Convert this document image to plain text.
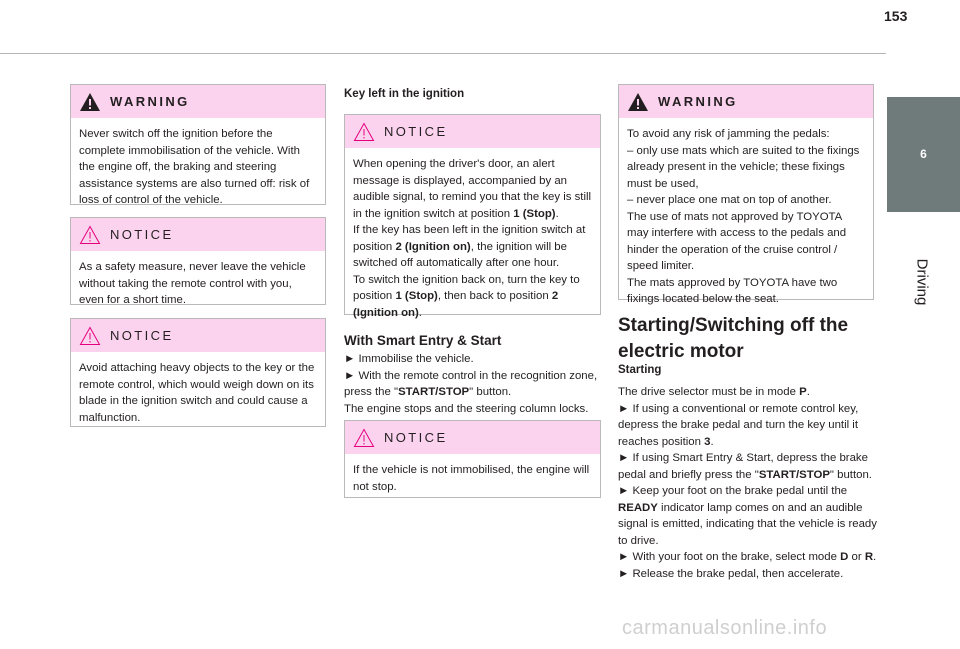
153
6
Driving
WARNING

Never switch off the ignition before the complete immobilisation of the vehicle. With the engine off, the braking and steering assistance systems are also turned off: risk of loss of control of the vehicle.

NOTICE

As a safety measure, never leave the vehicle without taking the remote control with you, even for a short time.

NOTICE

Avoid attaching heavy objects to the key or the remote control, which would weigh down on its blade in the ignition switch and could cause a malfunction.

Key left in the ignition
NOTICE

When opening the driver's door, an alert message is displayed, accompanied by an audible signal, to remind you that the key is still in the ignition switch at position 1 (Stop).

If the key has been left in the ignition switch at position 2 (Ignition on), the ignition will be switched off automatically after one hour.

To switch the ignition back on, turn the key to position 1 (Stop), then back to position 2 (Ignition on).

With Smart Entry & Start

► Immobilise the vehicle.

► With the remote control in the recognition zone, press the "START/STOP" button.

The engine stops and the steering column locks.

NOTICE

If the vehicle is not immobilised, the engine will not stop.

WARNING

To avoid any risk of jamming the pedals:

– only use mats which are suited to the fixings already present in the vehicle; these fixings must be used,

– never place one mat on top of another.

The use of mats not approved by TOYOTA may interfere with access to the pedals and hinder the operation of the cruise control / speed limiter.

The mats approved by TOYOTA have two fixings located below the seat.

Starting/Switching off the electric motor
Starting

The drive selector must be in mode P.

► If using a conventional or remote control key, depress the brake pedal and turn the key until it reaches position 3.

► If using Smart Entry & Start, depress the brake pedal and briefly press the "START/STOP" button.

► Keep your foot on the brake pedal until the READY indicator lamp comes on and an audible signal is emitted, indicating that the vehicle is ready to drive.

► With your foot on the brake, select mode D or R.

► Release the brake pedal, then accelerate.

carmanualsonline.info
